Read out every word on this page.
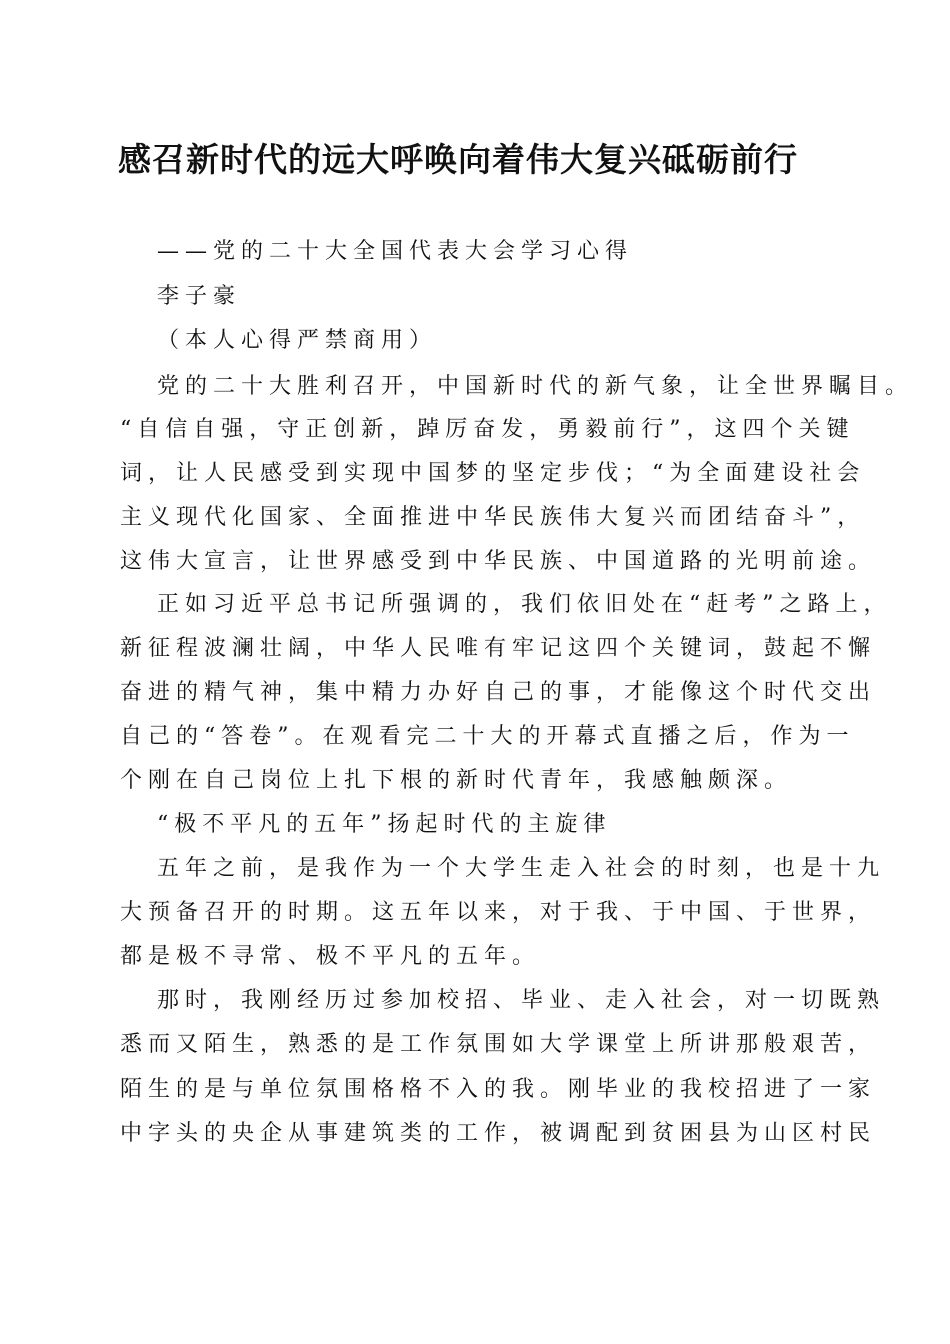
感召新时代的远大呼唤向着伟大复兴砥砺前行
——党的二十大全国代表大会学习心得
李子豪
（本人心得严禁商用）
党的二十大胜利召开，中国新时代的新气象，让全世界瞩目。
“自信自强，守正创新，踔厉奋发，勇毅前行”，这四个关键
词，让人民感受到实现中国梦的坚定步伐；“为全面建设社会
主义现代化国家、全面推进中华民族伟大复兴而团结奋斗”，
这伟大宣言，让世界感受到中华民族、中国道路的光明前途。
正如习近平总书记所强调的，我们依旧处在“赶考”之路上，
新征程波澜壮阔，中华人民唯有牢记这四个关键词，鼓起不懈
奋进的精气神，集中精力办好自己的事，才能像这个时代交出
自己的“答卷”。在观看完二十大的开幕式直播之后，作为一
个刚在自己岗位上扎下根的新时代青年，我感触颇深。
“极不平凡的五年”扬起时代的主旋律
五年之前，是我作为一个大学生走入社会的时刻，也是十九
大预备召开的时期。这五年以来，对于我、于中国、于世界，
都是极不寻常、极不平凡的五年。
那时，我刚经历过参加校招、毕业、走入社会，对一切既熟
悉而又陌生，熟悉的是工作氛围如大学课堂上所讲那般艰苦，
陌生的是与单位氛围格格不入的我。刚毕业的我校招进了一家
中字头的央企从事建筑类的工作，被调配到贫困县为山区村民
